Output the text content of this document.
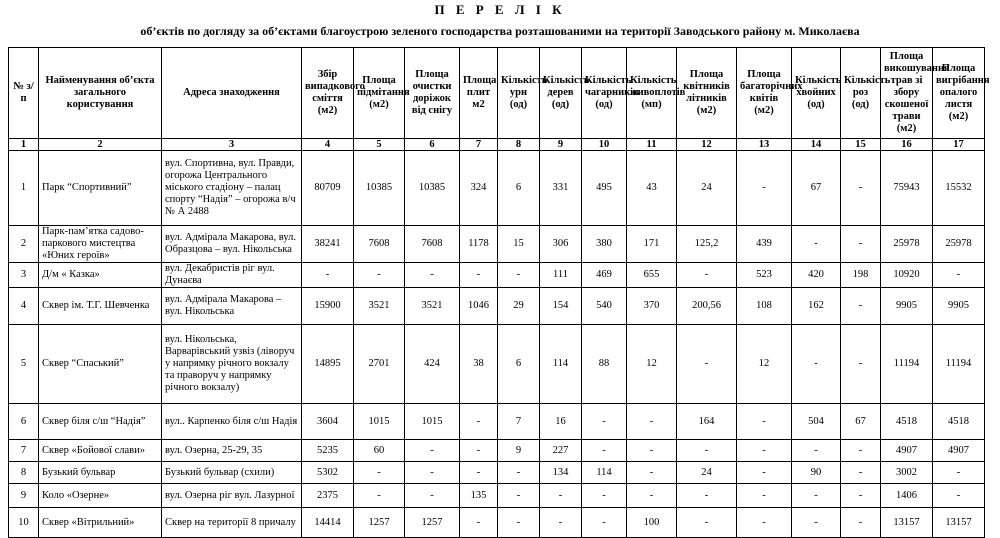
П Е Р Е Л І К
об’єктів по догляду за об’єктами благоустрою зеленого господарства розташованими на території Заводського району м. Миколаєва
№ з/п	Найменування об’єкта загального користування	Адреса знаходження	Збір випадкового сміття (м2)	Площа підмітання (м2)	Площа очистки доріжок від снігу	Площа плит м2	Кількість урн (од)	Кількість дерев (од)	Кількість чагарників (од)	Кількість живоплотів (мп)	Площа квітників літників (м2)	Площа багаторічних квітів (м2)	Кількість хвойних (од)	Кількість роз (од)	Площа викошування трав зі збору скошеної трави (м2)	Площа вигрібання опалого листя (м2)
1	2	3	4	5	6	7	8	9	10	11	12	13	14	15	16	17
1	Парк “Спортивний”	вул. Спортивна, вул. Правди, огорожа Центрального міського стадіону – палац спорту “Надія” – огорожа в/ч № А 2488	80709	10385	10385	324	6	331	495	43	24	-	67	-	75943	15532
2	Парк-пам’ятка садово-паркового мистецтва «Юних героїв»	вул. Адмірала Макарова, вул. Образцова – вул. Нікольська	38241	7608	7608	1178	15	306	380	171	125,2	439	-	-	25978	25978
3	Д/м « Казка»	вул. Декабристів ріг вул. Дунаєва	-	-	-	-	-	111	469	655	-	523	420	198	10920	-
4	Сквер ім. Т.Г. Шевченка	вул. Адмірала Макарова – вул. Нікольська	15900	3521	3521	1046	29	154	540	370	200,56	108	162	-	9905	9905
5	Сквер “Спаський”	вул. Нікольська, Варварівський узвіз (ліворуч у напрямку річного вокзалу та праворуч у напрямку річного вокзалу)	14895	2701	424	38	6	114	88	12	-	12	-	-	11194	11194
6	Сквер біля с/ш “Надія”	вул.. Карпенко біля с/ш Надія	3604	1015	1015	-	7	16	-	-	164	-	504	67	4518	4518
7	Сквер «Бойової слави»	вул. Озерна, 25-29, 35	5235	60	-	-	9	227	-	-	-	-	-	-	4907	4907
8	Бузький бульвар	Бузький бульвар (схили)	5302	-	-	-	-	134	114	-	24	-	90	-	3002	-
9	Коло «Озерне»	вул. Озерна ріг вул. Лазурної	2375	-	-	135	-	-	-	-	-	-	-	-	1406	-
10	Сквер «Вітрильний»	Сквер на території 8 причалу	14414	1257	1257	-	-	-	-	100	-	-	-	-	13157	13157
